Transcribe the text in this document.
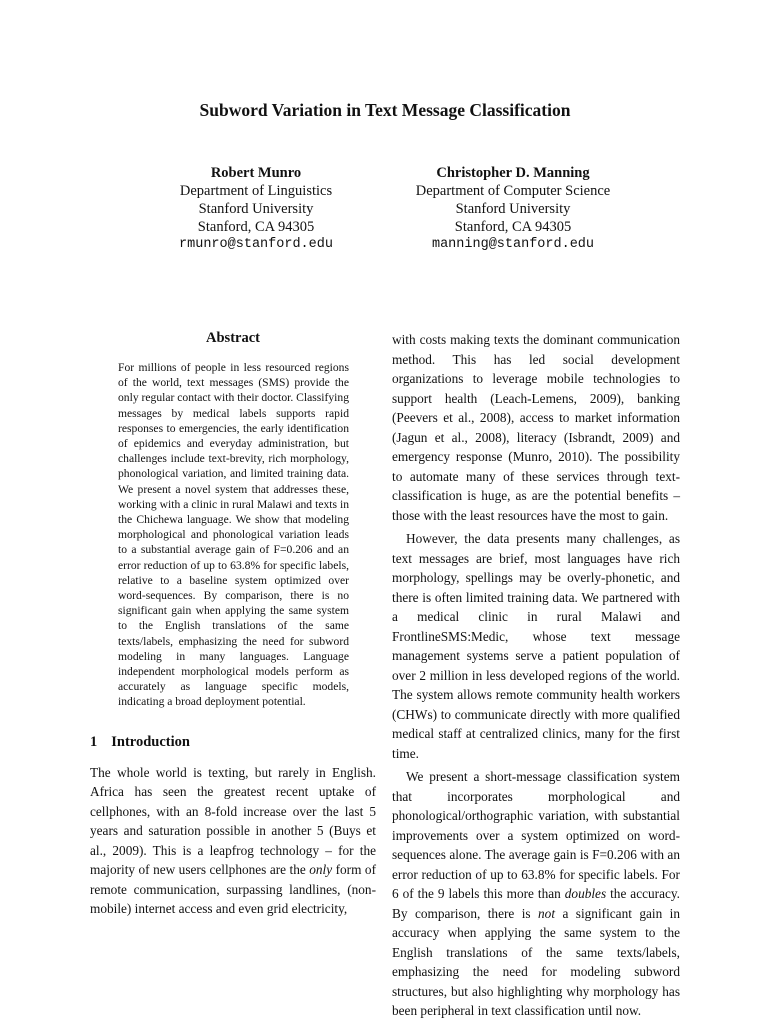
Subword Variation in Text Message Classification
Robert Munro
Department of Linguistics
Stanford University
Stanford, CA 94305
rmunro@stanford.edu
Christopher D. Manning
Department of Computer Science
Stanford University
Stanford, CA 94305
manning@stanford.edu
Abstract

For millions of people in less resourced regions of the world, text messages (SMS) provide the only regular contact with their doctor. Classifying messages by medical labels supports rapid responses to emergencies, the early identification of epidemics and everyday administration, but challenges include text-brevity, rich morphology, phonological variation, and limited training data. We present a novel system that addresses these, working with a clinic in rural Malawi and texts in the Chichewa language. We show that modeling morphological and phonological variation leads to a substantial average gain of F=0.206 and an error reduction of up to 63.8% for specific labels, relative to a baseline system optimized over word-sequences. By comparison, there is no significant gain when applying the same system to the English translations of the same texts/labels, emphasizing the need for subword modeling in many languages. Language independent morphological models perform as accurately as language specific models, indicating a broad deployment potential.

1 Introduction

The whole world is texting, but rarely in English. Africa has seen the greatest recent uptake of cellphones, with an 8-fold increase over the last 5 years and saturation possible in another 5 (Buys et al., 2009). This is a leapfrog technology – for the majority of new users cellphones are the only form of remote communication, surpassing landlines, (non-mobile) internet access and even grid electricity,

with costs making texts the dominant communication method. This has led social development organizations to leverage mobile technologies to support health (Leach-Lemens, 2009), banking (Peevers et al., 2008), access to market information (Jagun et al., 2008), literacy (Isbrandt, 2009) and emergency response (Munro, 2010). The possibility to automate many of these services through text-classification is huge, as are the potential benefits – those with the least resources have the most to gain.

However, the data presents many challenges, as text messages are brief, most languages have rich morphology, spellings may be overly-phonetic, and there is often limited training data. We partnered with a medical clinic in rural Malawi and FrontlineSMS:Medic, whose text message management systems serve a patient population of over 2 million in less developed regions of the world. The system allows remote community health workers (CHWs) to communicate directly with more qualified medical staff at centralized clinics, many for the first time.

We present a short-message classification system that incorporates morphological and phonological/orthographic variation, with substantial improvements over a system optimized on word-sequences alone. The average gain is F=0.206 with an error reduction of up to 63.8% for specific labels. For 6 of the 9 labels this more than doubles the accuracy. By comparison, there is not a significant gain in accuracy when applying the same system to the English translations of the same texts/labels, emphasizing the need for modeling subword structures, but also highlighting why morphology has been peripheral in text classification until now.
